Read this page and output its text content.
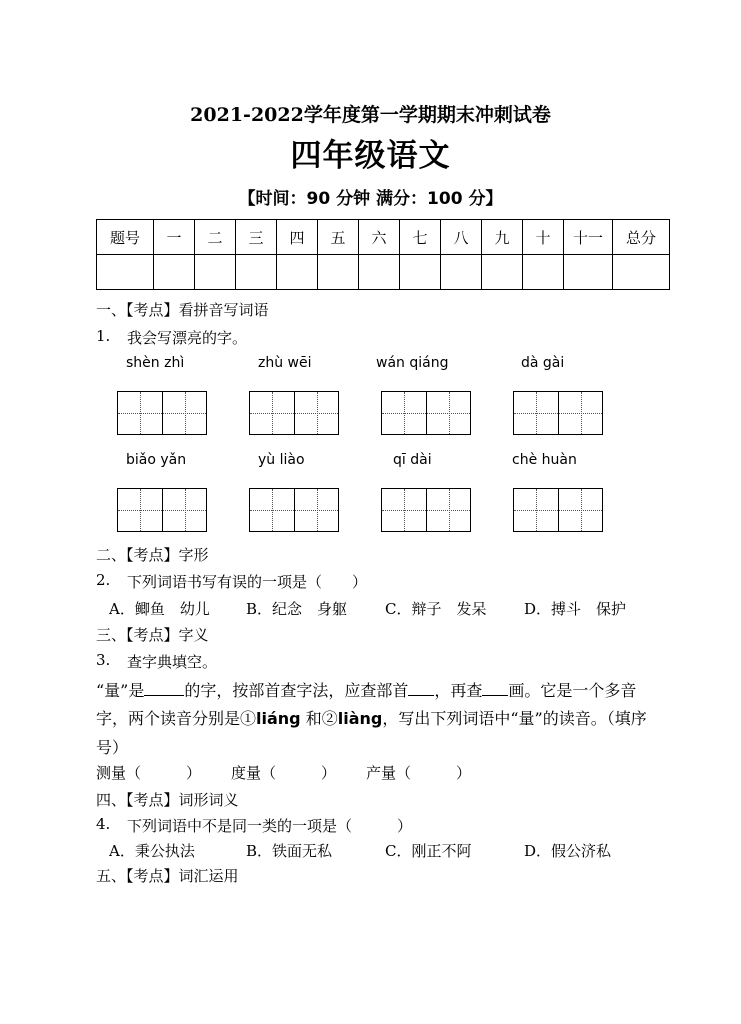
2021-2022学年度第一学期期末冲刺试卷
四年级语文
【时间：90 分钟 满分：100 分】
题号	一	二	三	四	五	六	七	八	九	十	十一	总分

一、【考点】看拼音写词语
1. 我会写漂亮的字。
shèn zhì	zhù wēi	wán qiáng	dà gài
biǎo yǎn	yù liào	qī dài	chè huàn
二、【考点】字形
2. 下列词语书写有误的一项是（　　）
A．鲫鱼　幼儿 B．纪念　身躯	C．辩子　发呆	D．搏斗　保护
三、【考点】字义
3. 查字典填空。
“量”是	的字，按部首查字法，应查部首 ，再查 画。它是一个多音
字，两个读音分别是①liáng 和②liàng，写出下列词语中“量”的读音。（填序
号）
测量（　　　） 度量（　　　） 产量（　　　）
四、【考点】词形词义
4. 下列词语中不是同一类的一项是（　　　）
A．秉公执法	B．铁面无私	C．刚正不阿	D．假公济私
五、【考点】词汇运用
